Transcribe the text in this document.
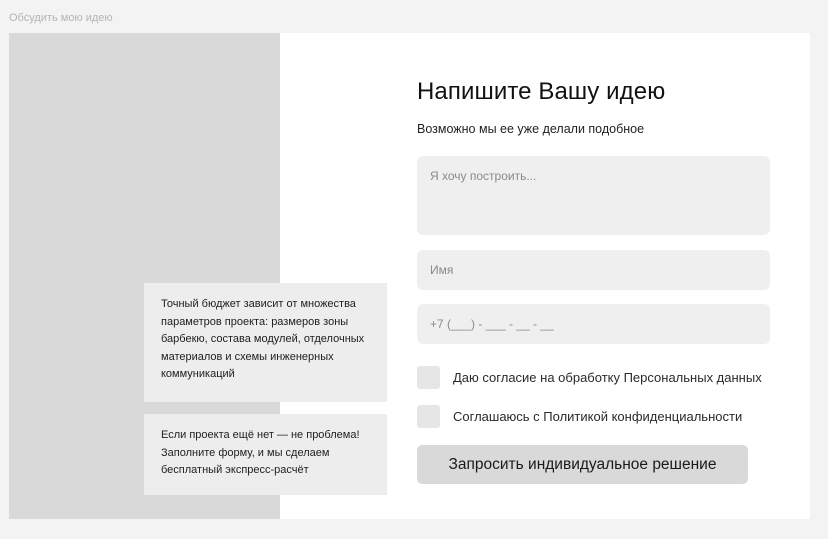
Обсудить мою идею
Точный бюджет зависит от множества параметров проекта: размеров зоны барбекю, состава модулей, отделочных материалов и схемы инженерных коммуникаций
Если проекта ещё нет — не проблема! Заполните форму, и мы сделаем бесплатный экспресс-расчёт
Напишите Вашу идею
Возможно мы ее уже делали подобное
Я хочу построить...
Имя
+7 (___) - ___ - __ - __
Даю согласие на обработку Персональных данных
Соглашаюсь с Политикой конфиденциальности
Запросить индивидуальное решение
